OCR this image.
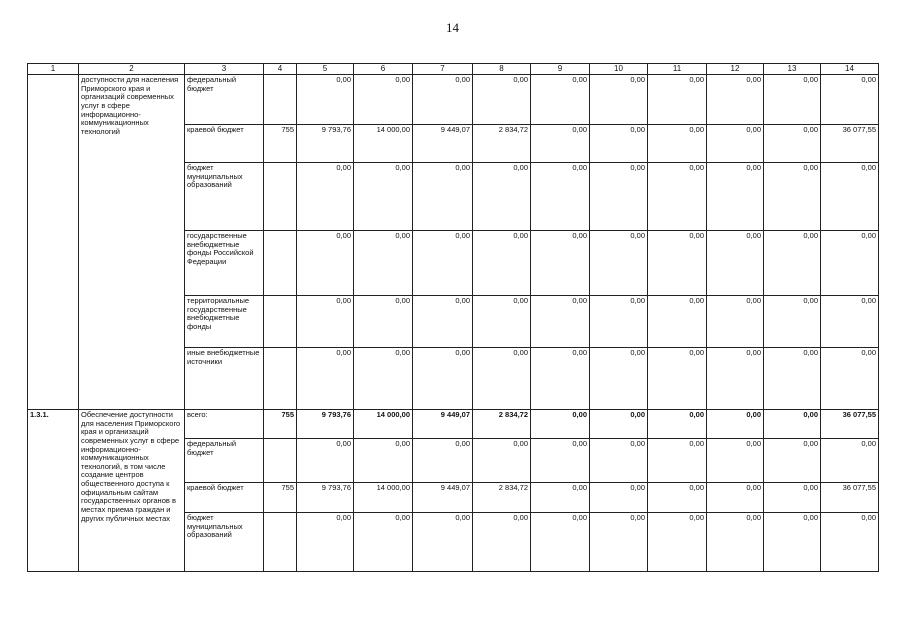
14
1	2	3	4	5	6	7	8	9	10	11	12	13	14
	доступности для населения Приморского края и организаций современных услуг в сфере информационно-коммуникационных технологий	федеральный бюджет		0,00	0,00	0,00	0,00	0,00	0,00	0,00	0,00	0,00	0,00
		краевой бюджет	755	9 793,76	14 000,00	9 449,07	2 834,72	0,00	0,00	0,00	0,00	0,00	36 077,55
		бюджет муниципальных образований		0,00	0,00	0,00	0,00	0,00	0,00	0,00	0,00	0,00	0,00
		государственные внебюджетные фонды Российской Федерации		0,00	0,00	0,00	0,00	0,00	0,00	0,00	0,00	0,00	0,00
		территориальные государственные внебюджетные фонды		0,00	0,00	0,00	0,00	0,00	0,00	0,00	0,00	0,00	0,00
		иные внебюджетные источники		0,00	0,00	0,00	0,00	0,00	0,00	0,00	0,00	0,00	0,00
1.3.1.	Обеспечение доступности для населения Приморского края и организаций современных услуг в сфере информационно-коммуникационных технологий, в том числе создание центров общественного доступа к официальным сайтам государственных органов в местах приема граждан и других публичных местах	всего:	755	9 793,76	14 000,00	9 449,07	2 834,72	0,00	0,00	0,00	0,00	0,00	36 077,55
		федеральный бюджет		0,00	0,00	0,00	0,00	0,00	0,00	0,00	0,00	0,00	0,00
		краевой бюджет	755	9 793,76	14 000,00	9 449,07	2 834,72	0,00	0,00	0,00	0,00	0,00	36 077,55
		бюджет муниципальных образований		0,00	0,00	0,00	0,00	0,00	0,00	0,00	0,00	0,00	0,00
